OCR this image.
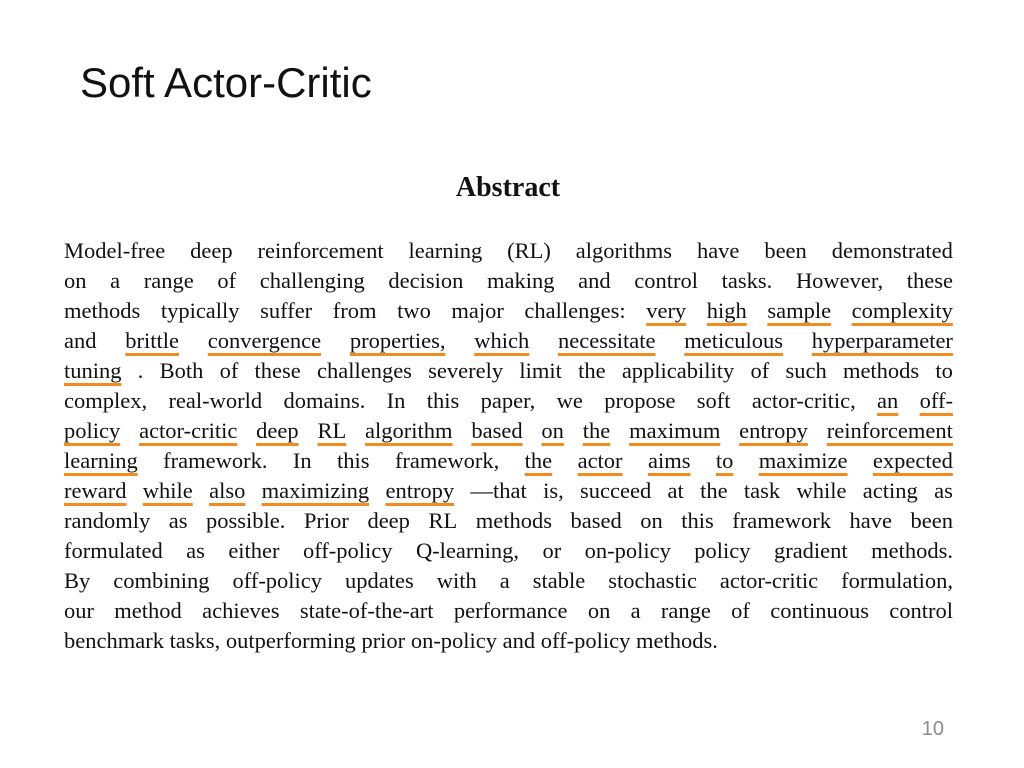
Soft Actor-Critic
Abstract
Model-free deep reinforcement learning (RL) algorithms have been demonstrated
on a range of challenging decision making and control tasks. However, these
methods typically suffer from two major challenges: very high sample complexity
and brittle convergence properties, which necessitate meticulous hyperparameter
tuning . Both of these challenges severely limit the applicability of such methods to
complex, real-world domains. In this paper, we propose soft actor-critic, an off-
policy actor-critic deep RL algorithm based on the maximum entropy reinforcement
learning framework. In this framework, the actor aims to maximize expected
reward while also maximizing entropy —that is, succeed at the task while acting as
randomly as possible. Prior deep RL methods based on this framework have been
formulated as either off-policy Q-learning, or on-policy policy gradient methods.
By combining off-policy updates with a stable stochastic actor-critic formulation,
our method achieves state-of-the-art performance on a range of continuous control
benchmark tasks, outperforming prior on-policy and off-policy methods.
10
